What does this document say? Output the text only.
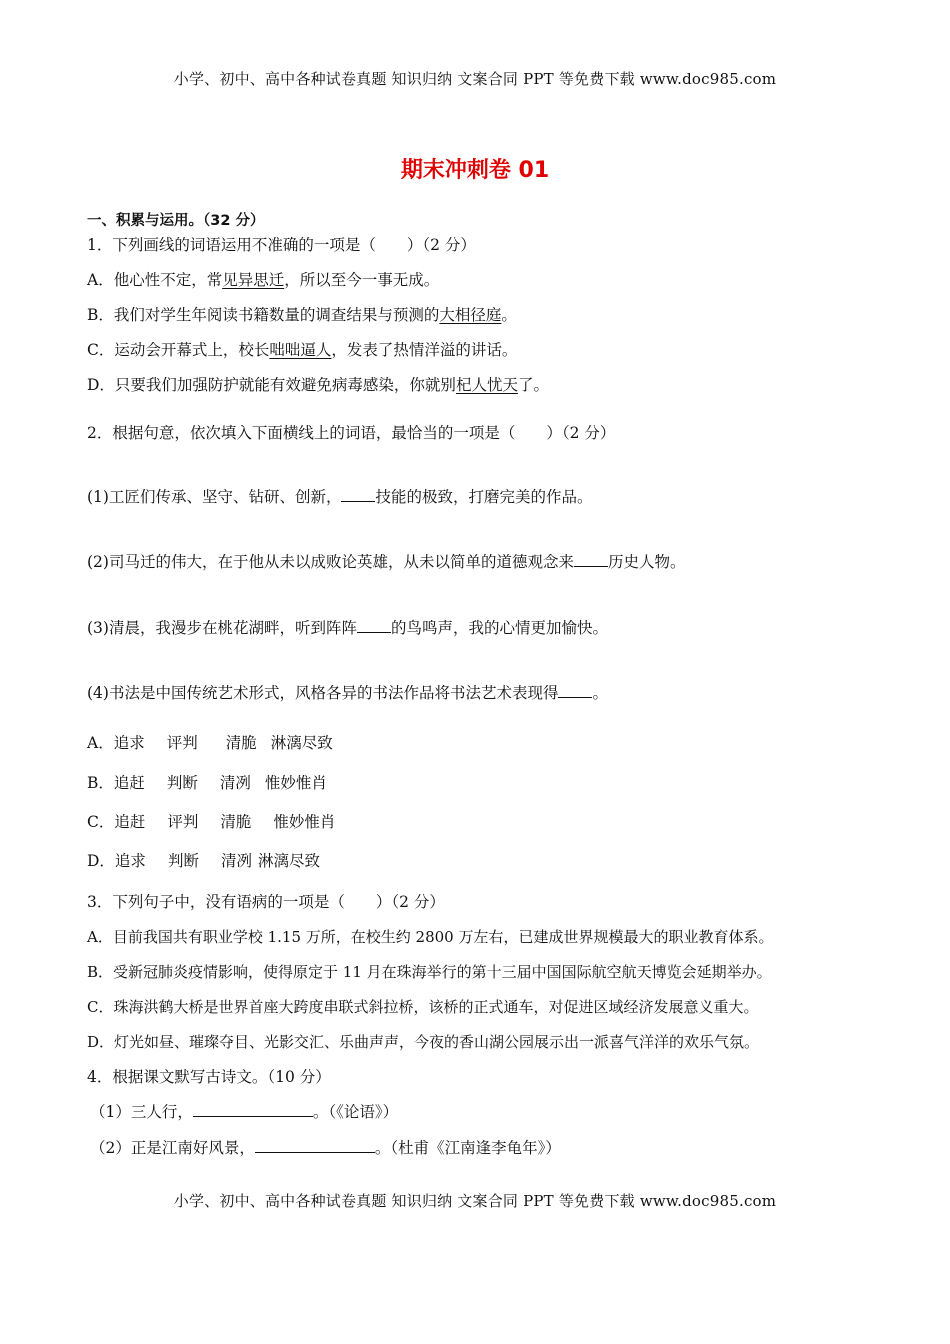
小学、初中、高中各种试卷真题 知识归纳 文案合同 PPT 等免费下载 www.doc985.com
期末冲刺卷 01
一、积累与运用。（32 分）
1．下列画线的词语运用不准确的一项是（　　）（2 分）
A．他心性不定，常见异思迁，所以至今一事无成。
B．我们对学生年阅读书籍数量的调查结果与预测的大相径庭。
C．运动会开幕式上，校长咄咄逼人，发表了热情洋溢的讲话。
D．只要我们加强防护就能有效避免病毒感染，你就别杞人忧天了。
2．根据句意，依次填入下面横线上的词语，最恰当的一项是（　　）（2 分）
(1)工匠们传承、坚守、钻研、创新， 技能的极致，打磨完美的作品。
(2)司马迁的伟大，在于他从未以成败论英雄，从未以简单的道德观念来 历史人物。
(3)清晨，我漫步在桃花湖畔，听到阵阵 的鸟鸣声，我的心情更加愉快。
(4)书法是中国传统艺术形式，风格各异的书法作品将书法艺术表现得 。
A．追求 评判 清脆 淋漓尽致
B．追赶 判断 清冽 惟妙惟肖
C．追赶 评判 清脆 惟妙惟肖
D．追求 判断 清冽 淋漓尽致
3．下列句子中，没有语病的一项是（　　）（2 分）
A．目前我国共有职业学校 1.15 万所，在校生约 2800 万左右，已建成世界规模最大的职业教育体系。
B．受新冠肺炎疫情影响，使得原定于 11 月在珠海举行的第十三届中国国际航空航天博览会延期举办。
C．珠海洪鹤大桥是世界首座大跨度串联式斜拉桥，该桥的正式通车，对促进区域经济发展意义重大。
D．灯光如昼、璀璨夺目、光影交汇、乐曲声声，今夜的香山湖公园展示出一派喜气洋洋的欢乐气氛。
4．根据课文默写古诗文。（10 分）
（1）三人行，	。（《论语》）
（2）正是江南好风景，	。（杜甫《江南逢李龟年》）
小学、初中、高中各种试卷真题 知识归纳 文案合同 PPT 等免费下载 www.doc985.com
